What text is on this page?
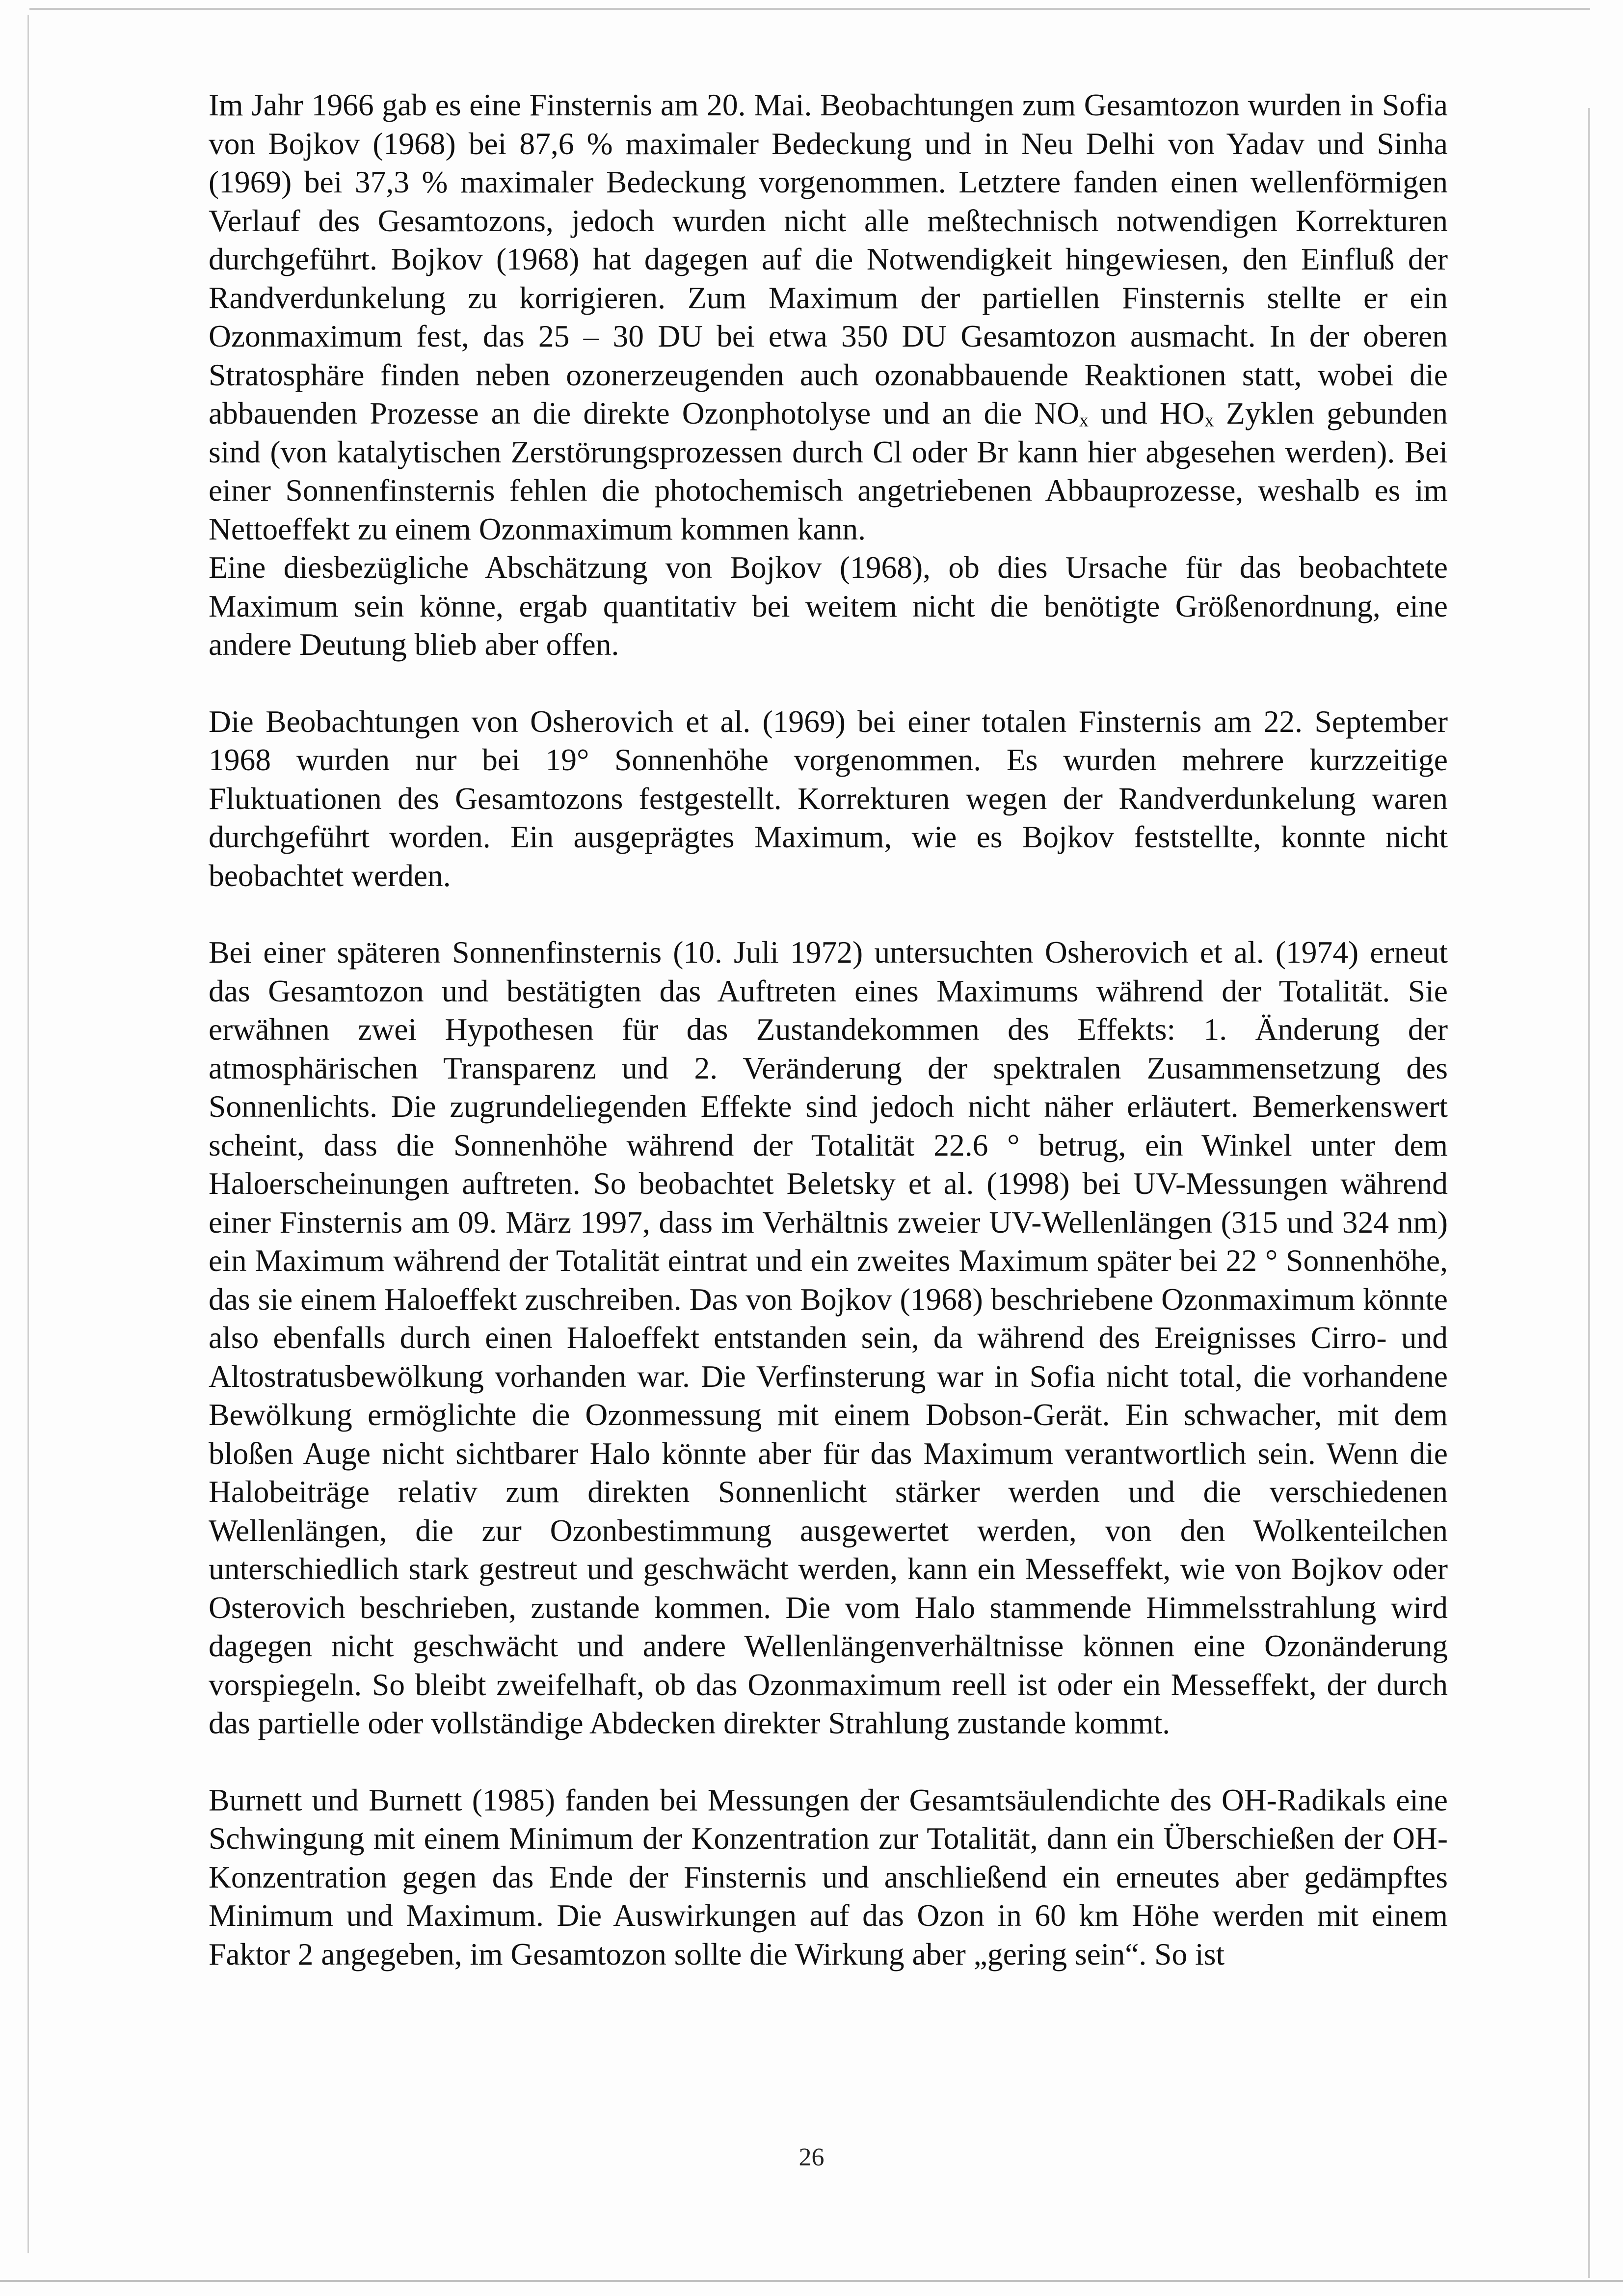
Im Jahr 1966 gab es eine Finsternis am 20. Mai. Beobachtungen zum Gesamtozon wurden in Sofia von Bojkov (1968) bei 87,6 % maximaler Bedeckung und in Neu Delhi von Yadav und Sinha (1969) bei 37,3 % maximaler Bedeckung vorgenommen. Letztere fanden einen wellenförmigen Verlauf des Gesamtozons, jedoch wurden nicht alle meßtechnisch notwendigen Korrekturen durchgeführt. Bojkov (1968) hat dagegen auf die Notwendigkeit hingewiesen, den Einfluß der Randverdunkelung zu korrigieren. Zum Maximum der partiellen Finsternis stellte er ein Ozonmaximum fest, das 25 – 30 DU bei etwa 350 DU Gesamtozon ausmacht. In der oberen Stratosphäre finden neben ozonerzeugenden auch ozonabbauende Reaktionen statt, wobei die abbauenden Prozesse an die direkte Ozonphotolyse und an die NOₓ und HOₓ Zyklen gebunden sind (von katalytischen Zerstörungsprozessen durch Cl oder Br kann hier abgesehen werden). Bei einer Sonnenfinsternis fehlen die photochemisch angetriebenen Abbauprozesse, weshalb es im Nettoeffekt zu einem Ozonmaximum kommen kann.

Eine diesbezügliche Abschätzung von Bojkov (1968), ob dies Ursache für das beobachtete Maximum sein könne, ergab quantitativ bei weitem nicht die benötigte Größenordnung, eine andere Deutung blieb aber offen.

Die Beobachtungen von Osherovich et al. (1969) bei einer totalen Finsternis am 22. September 1968 wurden nur bei 19° Sonnenhöhe vorgenommen. Es wurden mehrere kurzzeitige Fluktuationen des Gesamtozons festgestellt. Korrekturen wegen der Randverdunkelung waren durchgeführt worden. Ein ausgeprägtes Maximum, wie es Bojkov feststellte, konnte nicht beobachtet werden.

Bei einer späteren Sonnenfinsternis (10. Juli 1972) untersuchten Osherovich et al. (1974) erneut das Gesamtozon und bestätigten das Auftreten eines Maximums während der Totalität. Sie erwähnen zwei Hypothesen für das Zustandekommen des Effekts: 1. Änderung der atmosphärischen Transparenz und 2. Veränderung der spektralen Zusammensetzung des Sonnenlichts. Die zugrundeliegenden Effekte sind jedoch nicht näher erläutert. Bemerkenswert scheint, dass die Sonnenhöhe während der Totalität 22.6 ° betrug, ein Winkel unter dem Haloerscheinungen auftreten. So beobachtet Beletsky et al. (1998) bei UV-Messungen während einer Finsternis am 09. März 1997, dass im Verhältnis zweier UV-Wellenlängen (315 und 324 nm) ein Maximum während der Totalität eintrat und ein zweites Maximum später bei 22 ° Sonnenhöhe, das sie einem Haloeffekt zuschreiben. Das von Bojkov (1968) beschriebene Ozonmaximum könnte also ebenfalls durch einen Haloeffekt entstanden sein, da während des Ereignisses Cirro- und Altostratusbewölkung vorhanden war. Die Verfinsterung war in Sofia nicht total, die vorhandene Bewölkung ermöglichte die Ozonmessung mit einem Dobson-Gerät. Ein schwacher, mit dem bloßen Auge nicht sichtbarer Halo könnte aber für das Maximum verantwortlich sein. Wenn die Halobeiträge relativ zum direkten Sonnenlicht stärker werden und die verschiedenen Wellenlängen, die zur Ozonbestimmung ausgewertet werden, von den Wolkenteilchen unterschiedlich stark gestreut und geschwächt werden, kann ein Messeffekt, wie von Bojkov oder Osterovich beschrieben, zustande kommen. Die vom Halo stammende Himmelsstrahlung wird dagegen nicht geschwächt und andere Wellenlängenverhältnisse können eine Ozonänderung vorspiegeln. So bleibt zweifelhaft, ob das Ozonmaximum reell ist oder ein Messeffekt, der durch das partielle oder vollständige Abdecken direkter Strahlung zustande kommt.

Burnett und Burnett (1985) fanden bei Messungen der Gesamtsäulendichte des OH-Radikals eine Schwingung mit einem Minimum der Konzentration zur Totalität, dann ein Überschießen der OH-Konzentration gegen das Ende der Finsternis und anschließend ein erneutes aber gedämpftes Minimum und Maximum. Die Auswirkungen auf das Ozon in 60 km Höhe werden mit einem Faktor 2 angegeben, im Gesamtozon sollte die Wirkung aber „gering sein“. So ist

26
